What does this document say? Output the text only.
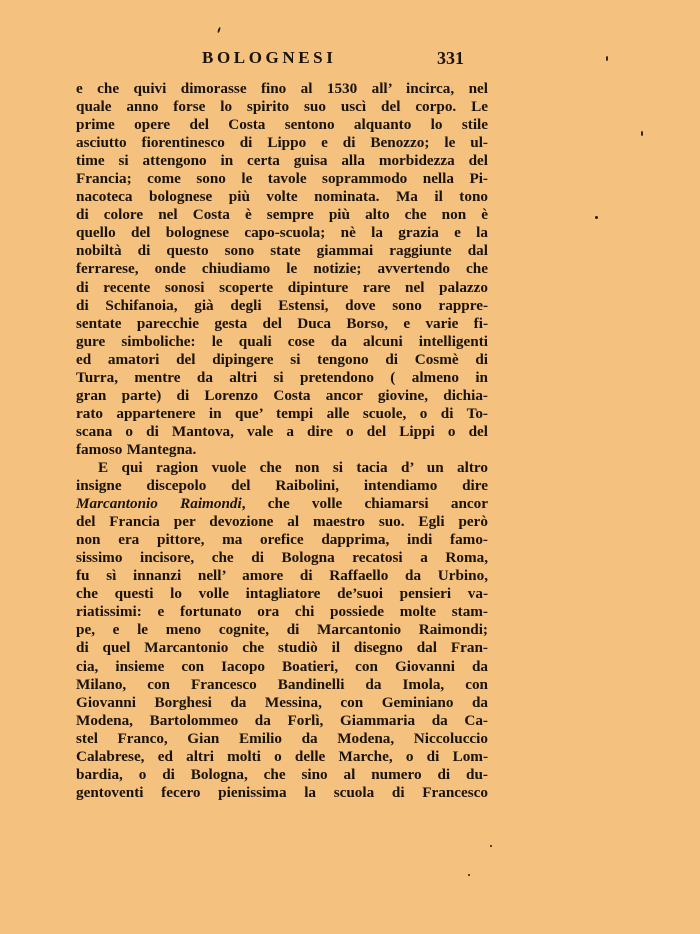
BOLOGNESI	331
e che quivi dimorasse fino al 1530 all’ incirca, nel
quale anno forse lo spirito suo uscì del corpo. Le
prime opere del Costa sentono alquanto lo stile
asciutto fiorentinesco di Lippo e di Benozzo; le ul-
time si attengono in certa guisa alla morbidezza del
Francia; come sono le tavole soprammodo nella Pi-
nacoteca bolognese più volte nominata. Ma il tono
di colore nel Costa è sempre più alto che non è
quello del bolognese capo-scuola; nè la grazia e la
nobiltà di questo sono state giammai raggiunte dal
ferrarese, onde chiudiamo le notizie; avvertendo che
di recente sonosi scoperte dipinture rare nel palazzo
di Schifanoia, già degli Estensi, dove sono rappre-
sentate parecchie gesta del Duca Borso, e varie fi-
gure simboliche: le quali cose da alcuni intelligenti
ed amatori del dipingere si tengono di Cosmè di
Turra, mentre da altri si pretendono ( almeno in
gran parte) di Lorenzo Costa ancor giovine, dichia-
rato appartenere in que’ tempi alle scuole, o di To-
scana o di Mantova, vale a dire o del Lippi o del
famoso Mantegna.
E qui ragion vuole che non si tacia d’ un altro
insigne discepolo del Raibolini, intendiamo dire
Marcantonio Raimondi, che volle chiamarsi ancor
del Francia per devozione al maestro suo. Egli però
non era pittore, ma orefice dapprima, indi famo-
sissimo incisore, che di Bologna recatosi a Roma,
fu sì innanzi nell’ amore di Raffaello da Urbino,
che questi lo volle intagliatore de’suoi pensieri va-
riatissimi: e fortunato ora chi possiede molte stam-
pe, e le meno cognite, di Marcantonio Raimondi;
di quel Marcantonio che studiò il disegno dal Fran-
cia, insieme con Iacopo Boatieri, con Giovanni da
Milano, con Francesco Bandinelli da Imola, con
Giovanni Borghesi da Messina, con Geminiano da
Modena, Bartolommeo da Forlì, Giammaria da Ca-
stel Franco, Gian Emilio da Modena, Niccoluccio
Calabrese, ed altri molti o delle Marche, o di Lom-
bardia, o di Bologna, che sino al numero di du-
gentoventi fecero pienissima la scuola di Francesco
